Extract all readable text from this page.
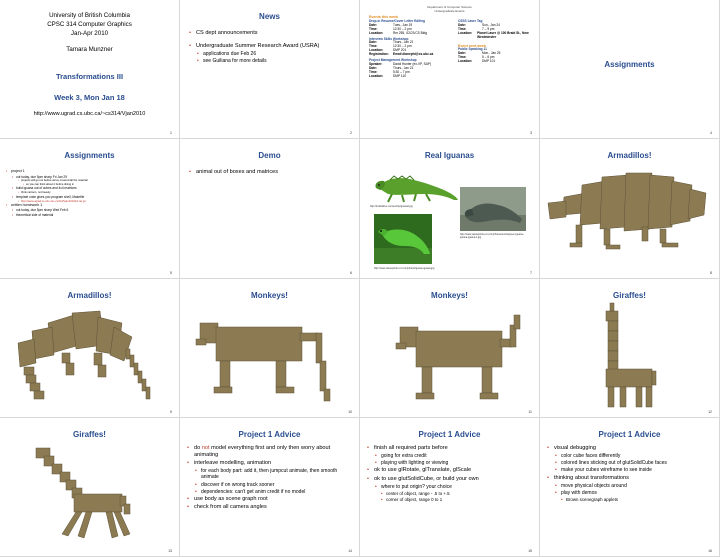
University of British Columbia
CPSC 314 Computer Graphics
Jan-Apr 2010
Tamara Munzner
Transformations III
Week 3, Mon Jan 18
http://www.ugrad.cs.ubc.ca/~cs314/Vjan2010
1
News
• CS dept announcements
• Undergraduate Summer Research Award (USRA)
• applications due Feb 26
• see Guiliana for more details
2
Department of Computer Science
Undergraduate Events
Events this week
Drop-in Resume/Cover Letter Editing
Date:	Tues., Jan 19
Time:	12:30 – 2 pm
Location:	Rm 255, ICICS/CS Bldg
Interview Skills Workshop
Date:	Thurs., Jan 21
Time:	12:30 – 2 pm
Location:	DMP 201
Registration:	Email dianepht@cs.ubc.ca
Project Management Workshop
Speaker:	David Hunter (ex-VP, SAP)
Date:	Thurs., Jan 21
Time:	5:30 – 7 pm
Location:	DMP 110
CSSS Laser Tag
Date:	Sun., Jan 24
Time:	7 – 9 pm
Location:	Planet Laser @ 100 Braid St., New Westminster
Event next week
Public Speaking 11
Date:	Mon., Jan 25
Time:	5 – 6 pm
Location:	DMP 101
3
Assignments
4
Assignments
• project 1
• out today, due 5pm sharp Fri Jan 29
• projects will go out before we've covered all the material
• so you can think about it before diving in
• build iguana out of cubes and 4x4 matrices
• think cartoon, not beauty
• template code gives you program shell, Makefile
• http://www.ugrad.cs.ubc.ca/~cs314/Vjan2010/p1.tar.gz
• written homework 1
• out today, due 5pm sharp Wed Feb 6
• theoretical side of material
5
Demo
• animal out of boxes and matrices
6
Real Iguanas
http://funkidslive.com/en/trip/iguana2.jpg
http://www.naturephoto-cz.com/photos/sevcik/green-iguana--iguana-iguana-1.jpg
http://www.naturephoto-cz.com/photos/iguana-iguana.jpg
7
Armadillos!
8
Armadillos!
9
Monkeys!
10
Monkeys!
11
Giraffes!
12
Giraffes!
13
Project 1 Advice
• do not model everything first and only then worry about animating
• interleave modelling, animation
• for each body part: add it, then jumpcut animate, then smooth animate
• discover if on wrong track sooner
• dependencies: can't get anim credit if no model
• use body as scene graph root
• check from all camera angles
14
Project 1 Advice
• finish all required parts before
• going for extra credit
• playing with lighting or viewing
• ok to use glRotate, glTranslate, glScale
• ok to use glutSolidCube, or build your own
• where to put origin? your choice
• center of object, range - .5 to +.5
• corner of object, range 0 to 1
15
Project 1 Advice
• visual debugging
• color cube faces differently
• colored lines sticking out of glutSolidCube faces
• make your cubes wireframe to see inside
• thinking about transformations
• move physical objects around
• play with demos
• Brown scenegraph applets
16
